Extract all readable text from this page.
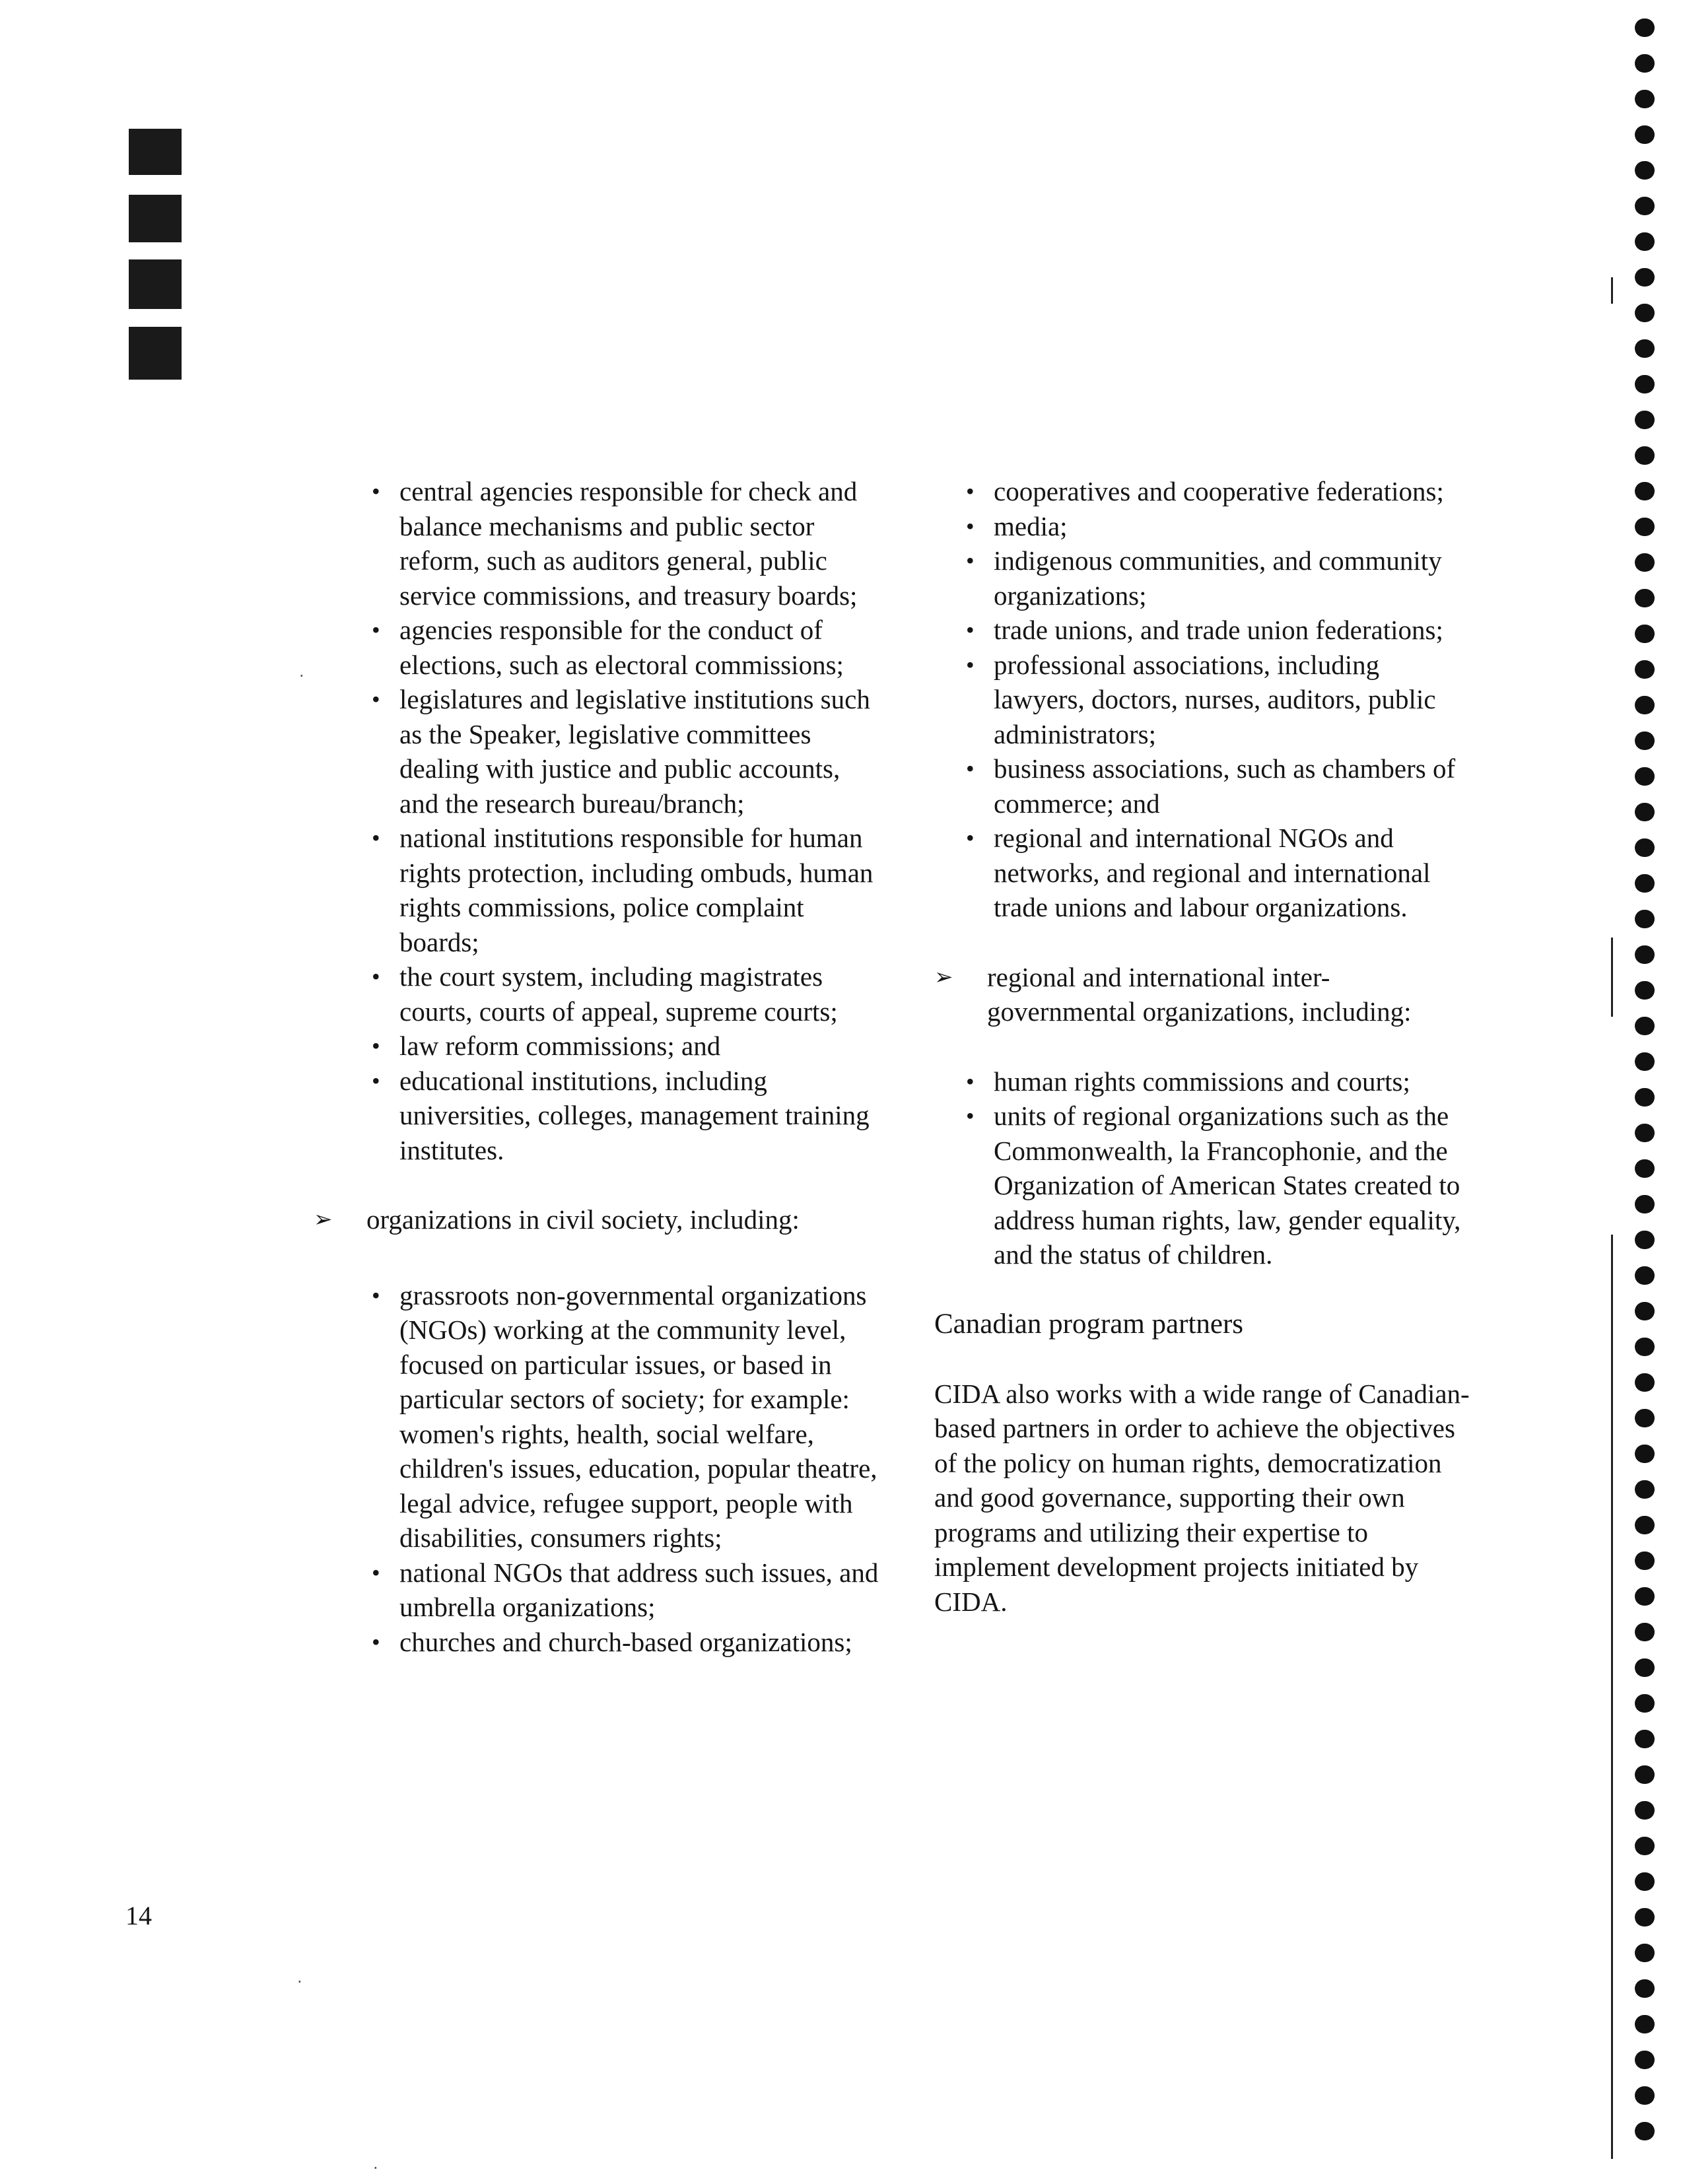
·
·
·
• central agencies responsible for check and balance mechanisms and public sector reform, such as auditors general, public service commissions, and treasury boards;
• agencies responsible for the conduct of elections, such as electoral commissions;
• legislatures and legislative institutions such as the Speaker, legislative committees dealing with justice and public accounts, and the research bureau/branch;
• national institutions responsible for human rights protection, including ombuds, human rights commissions, police complaint boards;
• the court system, including magistrates courts, courts of appeal, supreme courts;
• law reform commissions; and
• educational institutions, including universities, colleges, management training institutes.
➢ organizations in civil society, including:
• grassroots non-governmental organizations (NGOs) working at the community level, focused on particular issues, or based in particular sectors of society; for example: women's rights, health, social welfare, children's issues, education, popular theatre, legal advice, refugee support, people with disabilities, consumers rights;
• national NGOs that address such issues, and umbrella organizations;
• churches and church-based organizations;
• cooperatives and cooperative federations;
• media;
• indigenous communities, and community organizations;
• trade unions, and trade union federations;
• professional associations, including lawyers, doctors, nurses, auditors, public administrators;
• business associations, such as chambers of commerce; and
• regional and international NGOs and networks, and regional and international trade unions and labour organizations.
➢ regional and international inter-governmental organizations, including:
• human rights commissions and courts;
• units of regional organizations such as the Commonwealth, la Francophonie, and the Organization of American States created to address human rights, law, gender equality, and the status of children.
Canadian program partners

CIDA also works with a wide range of Canadian-based partners in order to achieve the objectives of the policy on human rights, democratization and good governance, supporting their own programs and utilizing their expertise to implement development projects initiated by CIDA.

14
